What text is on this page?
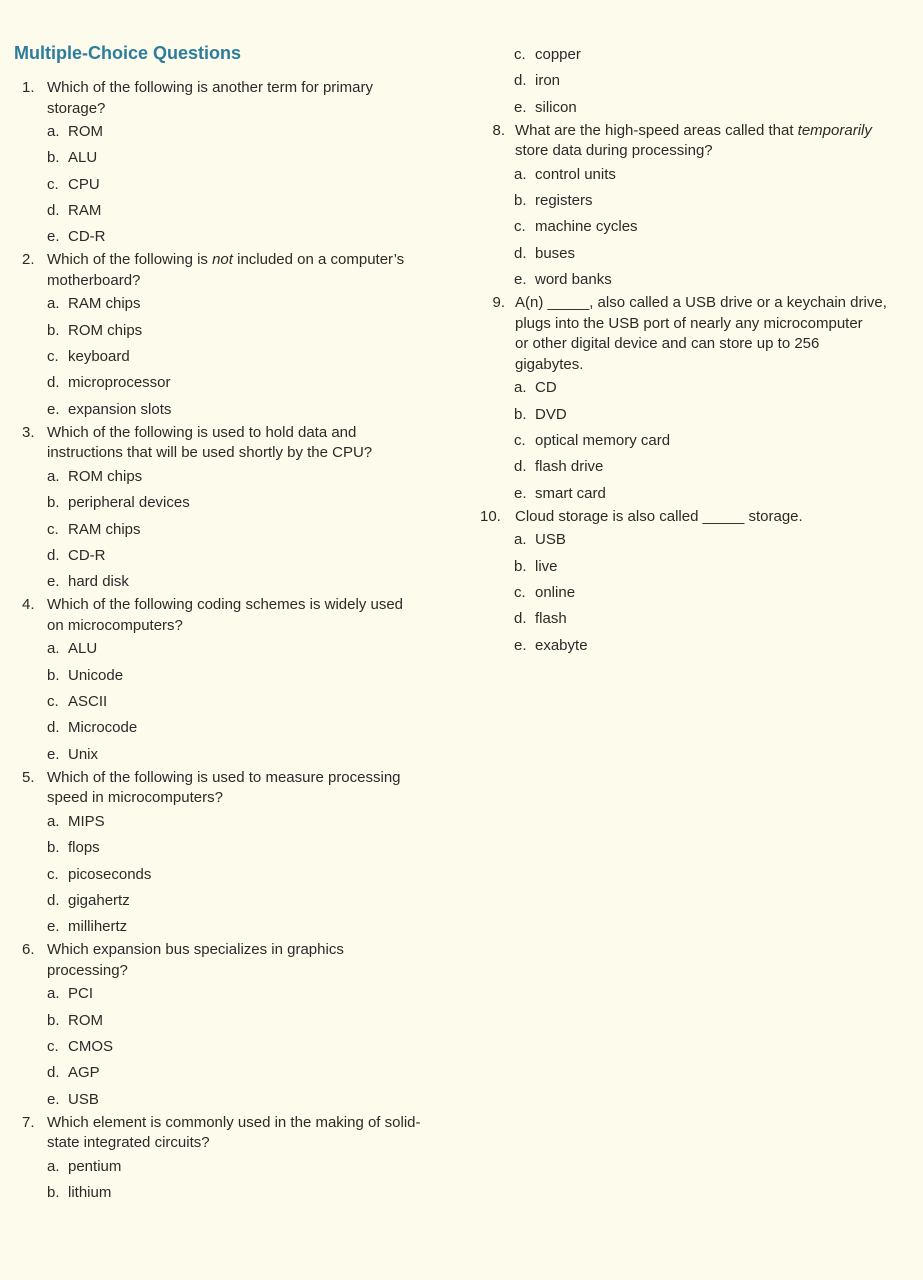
Multiple-Choice Questions
1. Which of the following is another term for primary
storage?
a. ROM
b. ALU
c. CPU
d. RAM
e. CD-R
2. Which of the following is not included on a computer’s
motherboard?
a. RAM chips
b. ROM chips
c. keyboard
d. microprocessor
e. expansion slots
3. Which of the following is used to hold data and
instructions that will be used shortly by the CPU?
a. ROM chips
b. peripheral devices
c. RAM chips
d. CD-R
e. hard disk
4. Which of the following coding schemes is widely used
on microcomputers?
a. ALU
b. Unicode
c. ASCII
d. Microcode
e. Unix
5. Which of the following is used to measure processing
speed in microcomputers?
a. MIPS
b. flops
c. picoseconds
d. gigahertz
e. millihertz
6. Which expansion bus specializes in graphics
processing?
a. PCI
b. ROM
c. CMOS
d. AGP
e. USB
7. Which element is commonly used in the making of solid-
state integrated circuits?
a. pentium
b. lithium
c. copper
d. iron
e. silicon
8. What are the high-speed areas called that temporarily
store data during processing?
a. control units
b. registers
c. machine cycles
d. buses
e. word banks
9. A(n) _____, also called a USB drive or a keychain drive,
plugs into the USB port of nearly any microcomputer
or other digital device and can store up to 256
gigabytes.
a. CD
b. DVD
c. optical memory card
d. flash drive
e. smart card
10. Cloud storage is also called _____ storage.
a. USB
b. live
c. online
d. flash
e. exabyte
